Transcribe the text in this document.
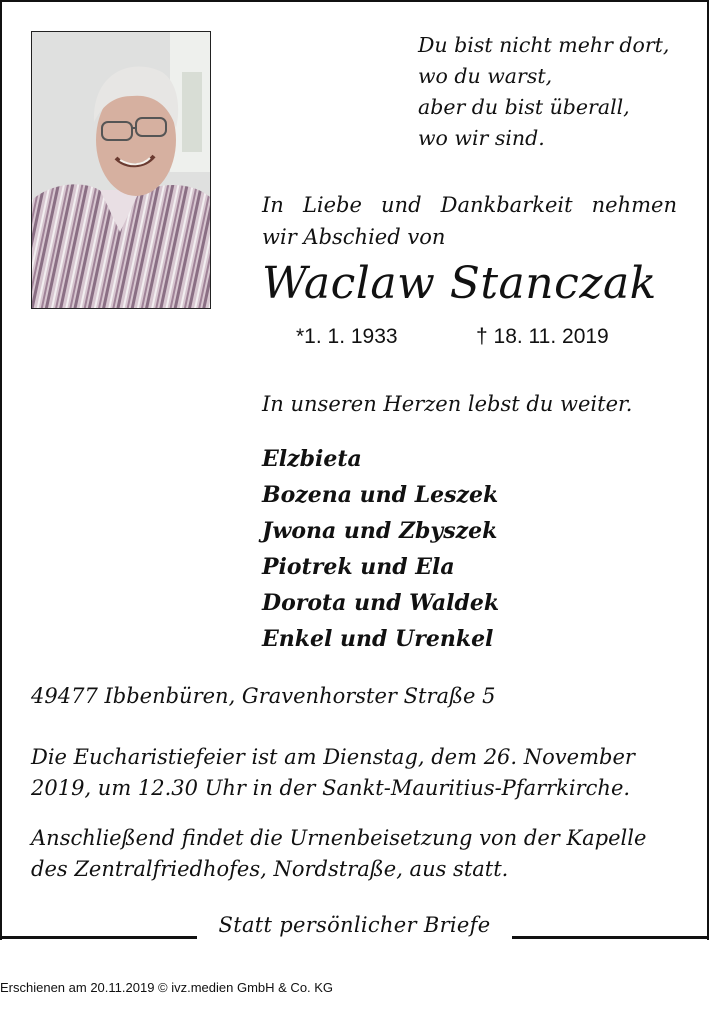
Du bist nicht mehr dort,
wo du warst,
aber du bist überall,
wo wir sind.
In Liebe und Dankbarkeit nehmen
wir Abschied von
Waclaw Stanczak
*1. 1. 1933	† 18. 11. 2019
In unseren Herzen lebst du weiter.
Elzbieta
Bozena und Leszek
Jwona und Zbyszek
Piotrek und Ela
Dorota und Waldek
Enkel und Urenkel
49477 Ibbenbüren, Gravenhorster Straße 5
Die Eucharistiefeier ist am Dienstag, dem 26. November
2019, um 12.30 Uhr in der Sankt-Mauritius-Pfarrkirche.
Anschließend findet die Urnenbeisetzung von der Kapelle
des Zentralfriedhofes, Nordstraße, aus statt.
Statt persönlicher Briefe
Erschienen am 20.11.2019 © ivz.medien GmbH & Co. KG
